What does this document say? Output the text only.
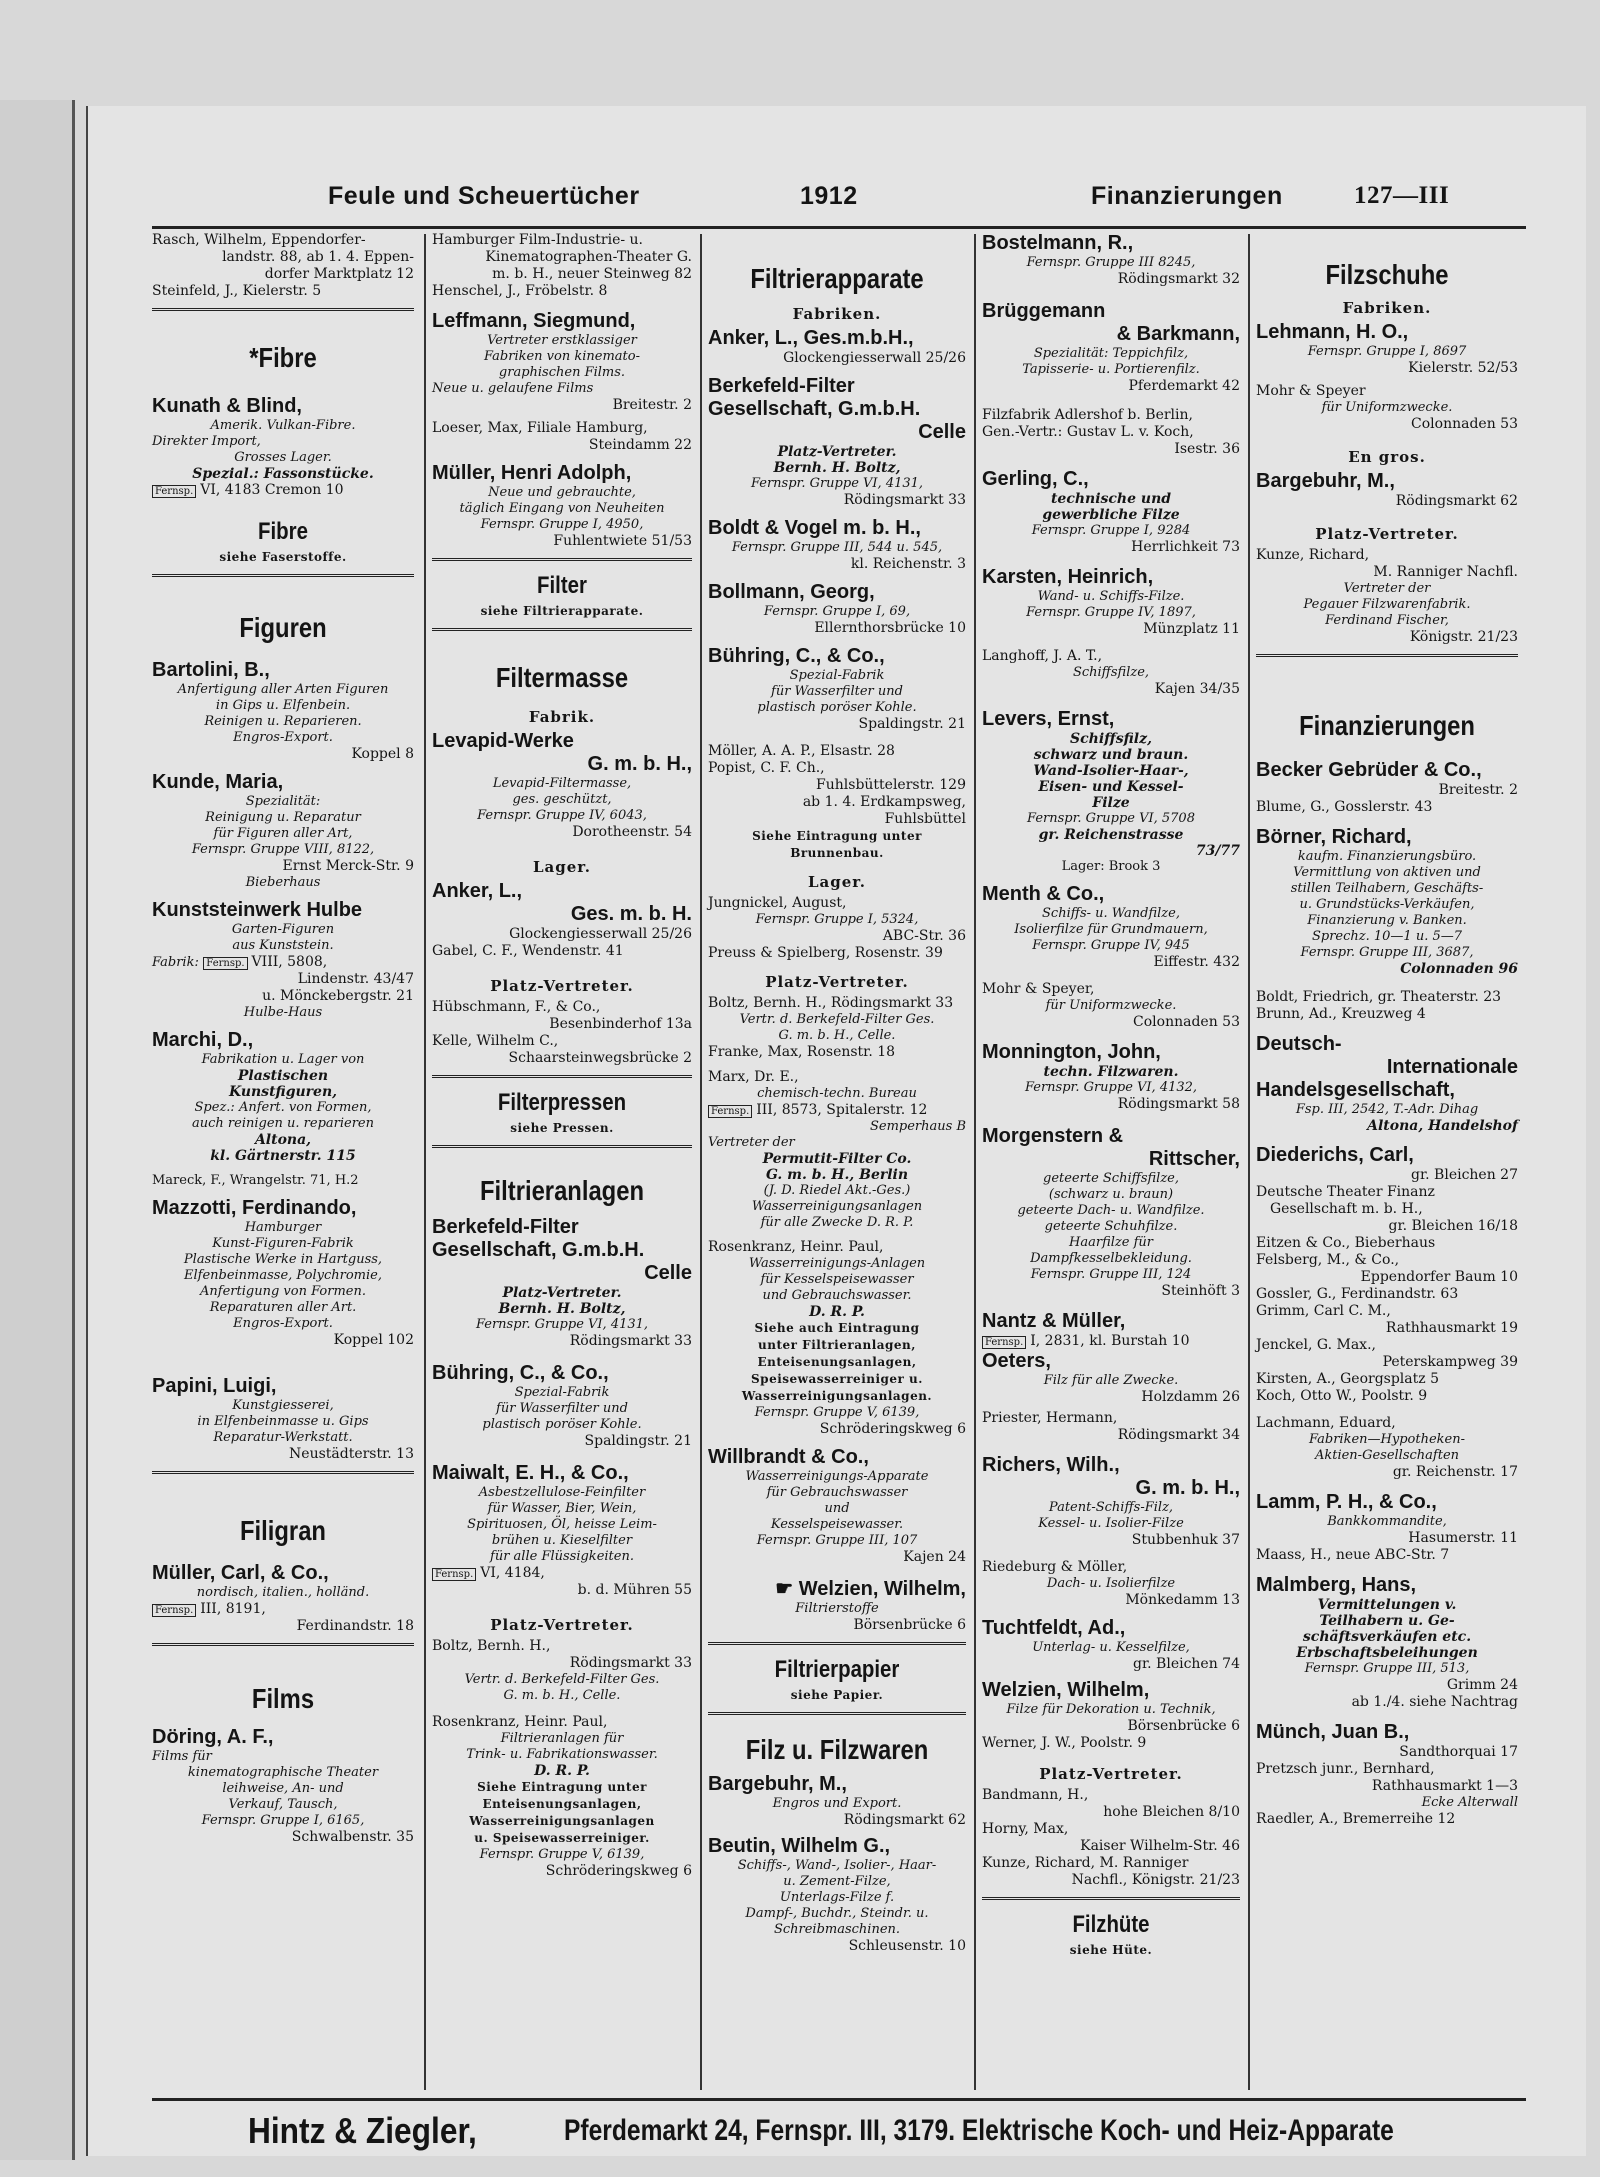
Feule und Scheuertücher	1912	Finanzierungen	127—III
Rasch, Wilhelm, Eppendorfer-
landstr. 88, ab 1. 4. Eppen-
dorfer Marktplatz 12
Steinfeld, J., Kielerstr. 5
*Fibre
Kunath & Blind,
Amerik. Vulkan-Fibre.
Direkter Import,
Grosses Lager.
Spezial.: Fassonstücke.
Fernsp. VI, 4183 Cremon 10
Fibre
siehe Faserstoffe.
Figuren
Bartolini, B.,
Anfertigung aller Arten Figuren
in Gips u. Elfenbein.
Reinigen u. Reparieren.
Engros-Export.
Koppel 8
Kunde, Maria,
Spezialität:
Reinigung u. Reparatur
für Figuren aller Art,
Fernspr. Gruppe VIII, 8122,
Ernst Merck-Str. 9
Bieberhaus
Kunststeinwerk Hulbe
Garten-Figuren
aus Kunststein.
Fabrik: Fernsp. VIII, 5808,
Lindenstr. 43/47
u. Mönckebergstr. 21
Hulbe-Haus
Marchi, D.,
Fabrikation u. Lager von
Plastischen
Kunstfiguren,
Spez.: Anfert. von Formen,
auch reinigen u. reparieren
Altona,
kl. Gärtnerstr. 115
Mareck, F., Wrangelstr. 71, H.2
Mazzotti, Ferdinando,
Hamburger
Kunst-Figuren-Fabrik
Plastische Werke in Hartguss,
Elfenbeinmasse, Polychromie,
Anfertigung von Formen.
Reparaturen aller Art.
Engros-Export.
Koppel 102
Papini, Luigi,
Kunstgiesserei,
in Elfenbeinmasse u. Gips
Reparatur-Werkstatt.
Neustädterstr. 13
Filigran
Müller, Carl, & Co.,
nordisch, italien., holländ.
Fernsp. III, 8191,
Ferdinandstr. 18
Films
Döring, A. F.,
Films für
kinematographische Theater
leihweise, An- und
Verkauf, Tausch,
Fernspr. Gruppe I, 6165,
Schwalbenstr. 35
Hamburger Film-Industrie- u.
Kinematographen-Theater G.
m. b. H., neuer Steinweg 82
Henschel, J., Fröbelstr. 8
Leffmann, Siegmund,
Vertreter erstklassiger
Fabriken von kinemato-
graphischen Films.
Neue u. gelaufene Films
Breitestr. 2
Loeser, Max, Filiale Hamburg,
Steindamm 22
Müller, Henri Adolph,
Neue und gebrauchte,
täglich Eingang von Neuheiten
Fernspr. Gruppe I, 4950,
Fuhlentwiete 51/53
Filter
siehe Filtrierapparate.
Filtermasse
Fabrik.
Levapid-Werke
G. m. b. H.,
Levapid-Filtermasse,
ges. geschützt,
Fernspr. Gruppe IV, 6043,
Dorotheenstr. 54
Lager.
Anker, L.,
Ges. m. b. H.
Glockengiesserwall 25/26
Gabel, C. F., Wendenstr. 41
Platz-Vertreter.
Hübschmann, F., & Co.,
Besenbinderhof 13a
Kelle, Wilhelm C.,
Schaarsteinwegsbrücke 2
Filterpressen
siehe Pressen.
Filtrieranlagen
Berkefeld-Filter
Gesellschaft, G.m.b.H.
Celle
Platz-Vertreter.
Bernh. H. Boltz,
Fernspr. Gruppe VI, 4131,
Rödingsmarkt 33
Bühring, C., & Co.,
Spezial-Fabrik
für Wasserfilter und
plastisch poröser Kohle.
Spaldingstr. 21
Maiwalt, E. H., & Co.,
Asbestzellulose-Feinfilter
für Wasser, Bier, Wein,
Spirituosen, Öl, heisse Leim-
brühen u. Kieselfilter
für alle Flüssigkeiten.
Fernsp. VI, 4184,
b. d. Mühren 55
Platz-Vertreter.
Boltz, Bernh. H.,
Rödingsmarkt 33
Vertr. d. Berkefeld-Filter Ges.
G. m. b. H., Celle.
Rosenkranz, Heinr. Paul,
Filtrieranlagen für
Trink- u. Fabrikationswasser.
D. R. P.
Siehe Eintragung unter
Enteisenungsanlagen,
Wasserreinigungsanlagen
u. Speisewasserreiniger.
Fernspr. Gruppe V, 6139,
Schröderingskweg 6
Filtrierapparate
Fabriken.
Anker, L., Ges.m.b.H.,
Glockengiesserwall 25/26
Berkefeld-Filter
Gesellschaft, G.m.b.H.
Celle
Platz-Vertreter.
Bernh. H. Boltz,
Fernspr. Gruppe VI, 4131,
Rödingsmarkt 33
Boldt & Vogel m. b. H.,
Fernspr. Gruppe III, 544 u. 545,
kl. Reichenstr. 3
Bollmann, Georg,
Fernspr. Gruppe I, 69,
Ellernthorsbrücke 10
Bühring, C., & Co.,
Spezial-Fabrik
für Wasserfilter und
plastisch poröser Kohle.
Spaldingstr. 21
Möller, A. A. P., Elsastr. 28
Popist, C. F. Ch.,
Fuhlsbüttelerstr. 129
ab 1. 4. Erdkampsweg,
Fuhlsbüttel
Siehe Eintragung unter
Brunnenbau.
Lager.
Jungnickel, August,
Fernspr. Gruppe I, 5324,
ABC-Str. 36
Preuss & Spielberg, Rosenstr. 39
Platz-Vertreter.
Boltz, Bernh. H., Rödingsmarkt 33
Vertr. d. Berkefeld-Filter Ges.
G. m. b. H., Celle.
Franke, Max, Rosenstr. 18
Marx, Dr. E.,
chemisch-techn. Bureau
Fernsp. III, 8573, Spitalerstr. 12
Semperhaus B
Vertreter der
Permutit-Filter Co.
G. m. b. H., Berlin
(J. D. Riedel Akt.-Ges.)
Wasserreinigungsanlagen
für alle Zwecke D. R. P.
Rosenkranz, Heinr. Paul,
Wasserreinigungs-Anlagen
für Kesselspeisewasser
und Gebrauchswasser.
D. R. P.
Siehe auch Eintragung
unter Filtrieranlagen,
Enteisenungsanlagen,
Speisewasserreiniger u.
Wasserreinigungsanlagen.
Fernspr. Gruppe V, 6139,
Schröderingskweg 6
Willbrandt & Co.,
Wasserreinigungs-Apparate
für Gebrauchswasser
und
Kesselspeisewasser.
Fernspr. Gruppe III, 107
Kajen 24
☛ Welzien, Wilhelm,
Filtrierstoffe
Börsenbrücke 6
Filtrierpapier
siehe Papier.
Filz u. Filzwaren
Bargebuhr, M.,
Engros und Export.
Rödingsmarkt 62
Beutin, Wilhelm G.,
Schiffs-, Wand-, Isolier-, Haar-
u. Zement-Filze,
Unterlags-Filze f.
Dampf-, Buchdr., Steindr. u.
Schreibmaschinen.
Schleusenstr. 10
Bostelmann, R.,
Fernspr. Gruppe III 8245,
Rödingsmarkt 32
Brüggemann
& Barkmann,
Spezialität: Teppichfilz,
Tapisserie- u. Portierenfilz.
Pferdemarkt 42
Filzfabrik Adlershof b. Berlin,
Gen.-Vertr.: Gustav L. v. Koch,
Isestr. 36
Gerling, C.,
technische und
gewerbliche Filze
Fernspr. Gruppe I, 9284
Herrlichkeit 73
Karsten, Heinrich,
Wand- u. Schiffs-Filze.
Fernspr. Gruppe IV, 1897,
Münzplatz 11
Langhoff, J. A. T.,
Schiffsfilze,
Kajen 34/35
Levers, Ernst,
Schiffsfilz,
schwarz und braun.
Wand-Isolier-Haar-,
Eisen- und Kessel-
Filze
Fernspr. Gruppe VI, 5708
gr. Reichenstrasse
73/77
Lager: Brook 3
Menth & Co.,
Schiffs- u. Wandfilze,
Isolierfilze für Grundmauern,
Fernspr. Gruppe IV, 945
Eiffestr. 432
Mohr & Speyer,
für Uniformzwecke.
Colonnaden 53
Monnington, John,
techn. Filzwaren.
Fernspr. Gruppe VI, 4132,
Rödingsmarkt 58
Morgenstern &
Rittscher,
geteerte Schiffsfilze,
(schwarz u. braun)
geteerte Dach- u. Wandfilze.
geteerte Schuhfilze.
Haarfilze für
Dampfkesselbekleidung.
Fernspr. Gruppe III, 124
Steinhöft 3
Nantz & Müller,
Fernsp. I, 2831, kl. Burstah 10
Oeters,
Filz für alle Zwecke.
Holzdamm 26
Priester, Hermann,
Rödingsmarkt 34
Richers, Wilh.,
G. m. b. H.,
Patent-Schiffs-Filz,
Kessel- u. Isolier-Filze
Stubbenhuk 37
Riedeburg & Möller,
Dach- u. Isolierfilze
Mönkedamm 13
Tuchtfeldt, Ad.,
Unterlag- u. Kesselfilze,
gr. Bleichen 74
Welzien, Wilhelm,
Filze für Dekoration u. Technik,
Börsenbrücke 6
Werner, J. W., Poolstr. 9
Platz-Vertreter.
Bandmann, H.,
hohe Bleichen 8/10
Horny, Max,
Kaiser Wilhelm-Str. 46
Kunze, Richard, M. Ranniger
Nachfl., Königstr. 21/23
Filzhüte
siehe Hüte.
Filzschuhe
Fabriken.
Lehmann, H. O.,
Fernspr. Gruppe I, 8697
Kielerstr. 52/53
Mohr & Speyer
für Uniformzwecke.
Colonnaden 53
En gros.
Bargebuhr, M.,
Rödingsmarkt 62
Platz-Vertreter.
Kunze, Richard,
M. Ranniger Nachfl.
Vertreter der
Pegauer Filzwarenfabrik.
Ferdinand Fischer,
Königstr. 21/23
Finanzierungen
Becker Gebrüder & Co.,
Breitestr. 2
Blume, G., Gosslerstr. 43
Börner, Richard,
kaufm. Finanzierungsbüro.
Vermittlung von aktiven und
stillen Teilhabern, Geschäfts-
u. Grundstücks-Verkäufen,
Finanzierung v. Banken.
Sprechz. 10—1 u. 5—7
Fernspr. Gruppe III, 3687,
Colonnaden 96
Boldt, Friedrich, gr. Theaterstr. 23
Brunn, Ad., Kreuzweg 4
Deutsch-
Internationale
Handelsgesellschaft,
Fsp. III, 2542, T.-Adr. Dihag
Altona, Handelshof
Diederichs, Carl,
gr. Bleichen 27
Deutsche Theater Finanz
Gesellschaft m. b. H.,
gr. Bleichen 16/18
Eitzen & Co., Bieberhaus
Felsberg, M., & Co.,
Eppendorfer Baum 10
Gossler, G., Ferdinandstr. 63
Grimm, Carl C. M.,
Rathhausmarkt 19
Jenckel, G. Max.,
Peterskampweg 39
Kirsten, A., Georgsplatz 5
Koch, Otto W., Poolstr. 9
Lachmann, Eduard,
Fabriken—Hypotheken-
Aktien-Gesellschaften
gr. Reichenstr. 17
Lamm, P. H., & Co.,
Bankkommandite,
Hasumerstr. 11
Maass, H., neue ABC-Str. 7
Malmberg, Hans,
Vermittelungen v.
Teilhabern u. Ge-
schäftsverkäufen etc.
Erbschaftsbeleihungen
Fernspr. Gruppe III, 513,
Grimm 24
ab 1./4. siehe Nachtrag
Münch, Juan B.,
Sandthorquai 17
Pretzsch junr., Bernhard,
Rathhausmarkt 1—3
Ecke Alterwall
Raedler, A., Bremerreihe 12
Hintz & Ziegler,	Pferdemarkt 24, Fernspr. III, 3179. Elektrische Koch- und Heiz-Apparate
